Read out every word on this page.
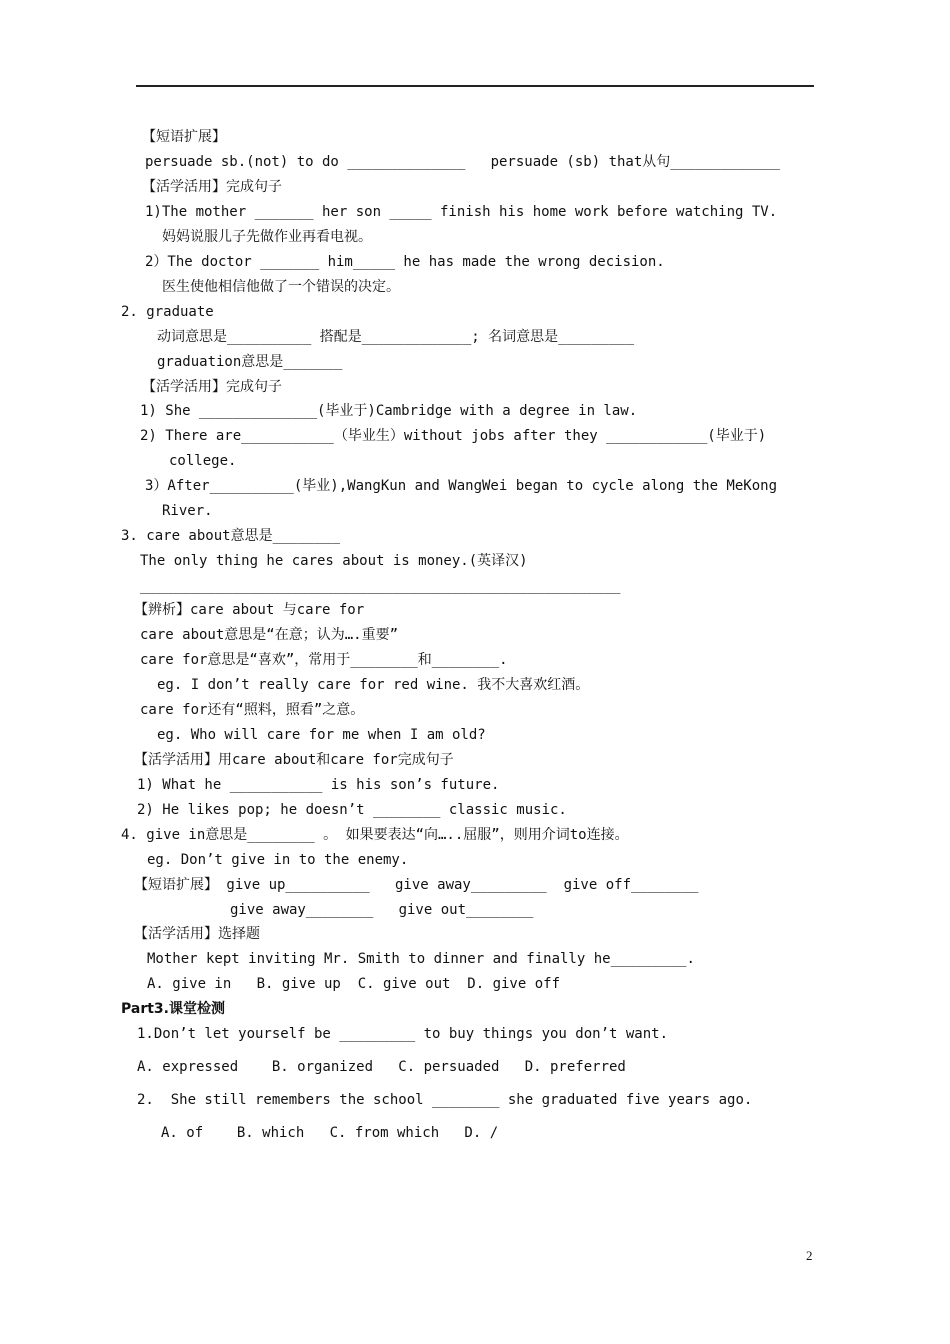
【短语扩展】
persuade sb.(not) to do ______________   persuade (sb) that从句_____________
【活学活用】完成句子
1)The mother _______ her son _____ finish his home work before watching TV.
妈妈说服儿子先做作业再看电视。
2）The doctor _______ him_____ he has made the wrong decision.
医生使他相信他做了一个错误的决定。
2. graduate
动词意思是__________ 搭配是_____________; 名词意思是_________
graduation意思是_______
【活学活用】完成句子
1) She ______________(毕业于)Cambridge with a degree in law.
2) There are___________（毕业生）without jobs after they ____________(毕业于)
college.
3）After__________(毕业),WangKun and WangWei began to cycle along the MeKong
River.
3. care about意思是________
The only thing he cares about is money.(英译汉)
_________________________________________________________
【辨析】care about 与care for
care about意思是“在意；认为….重要”
care for意思是“喜欢”，常用于________和________.
eg. I don’t really care for red wine. 我不大喜欢红酒。
care for还有“照料，照看”之意。
eg. Who will care for me when I am old?
【活学活用】用care about和care for完成句子
1) What he ___________ is his son’s future.
2) He likes pop; he doesn’t ________ classic music.
4. give in意思是________ 。 如果要表达“向…..屈服”，则用介词to连接。
eg. Don’t give in to the enemy.
【短语扩展】 give up__________   give away_________  give off________
give away________   give out________
【活学活用】选择题
Mother kept inviting Mr. Smith to dinner and finally he_________.
A. give in   B. give up  C. give out  D. give off
Part3.课堂检测
1.Don’t let yourself be _________ to buy things you don’t want.
A. expressed    B. organized   C. persuaded   D. preferred
2.  She still remembers the school ________ she graduated five years ago.
A. of    B. which   C. from which   D. /
2
